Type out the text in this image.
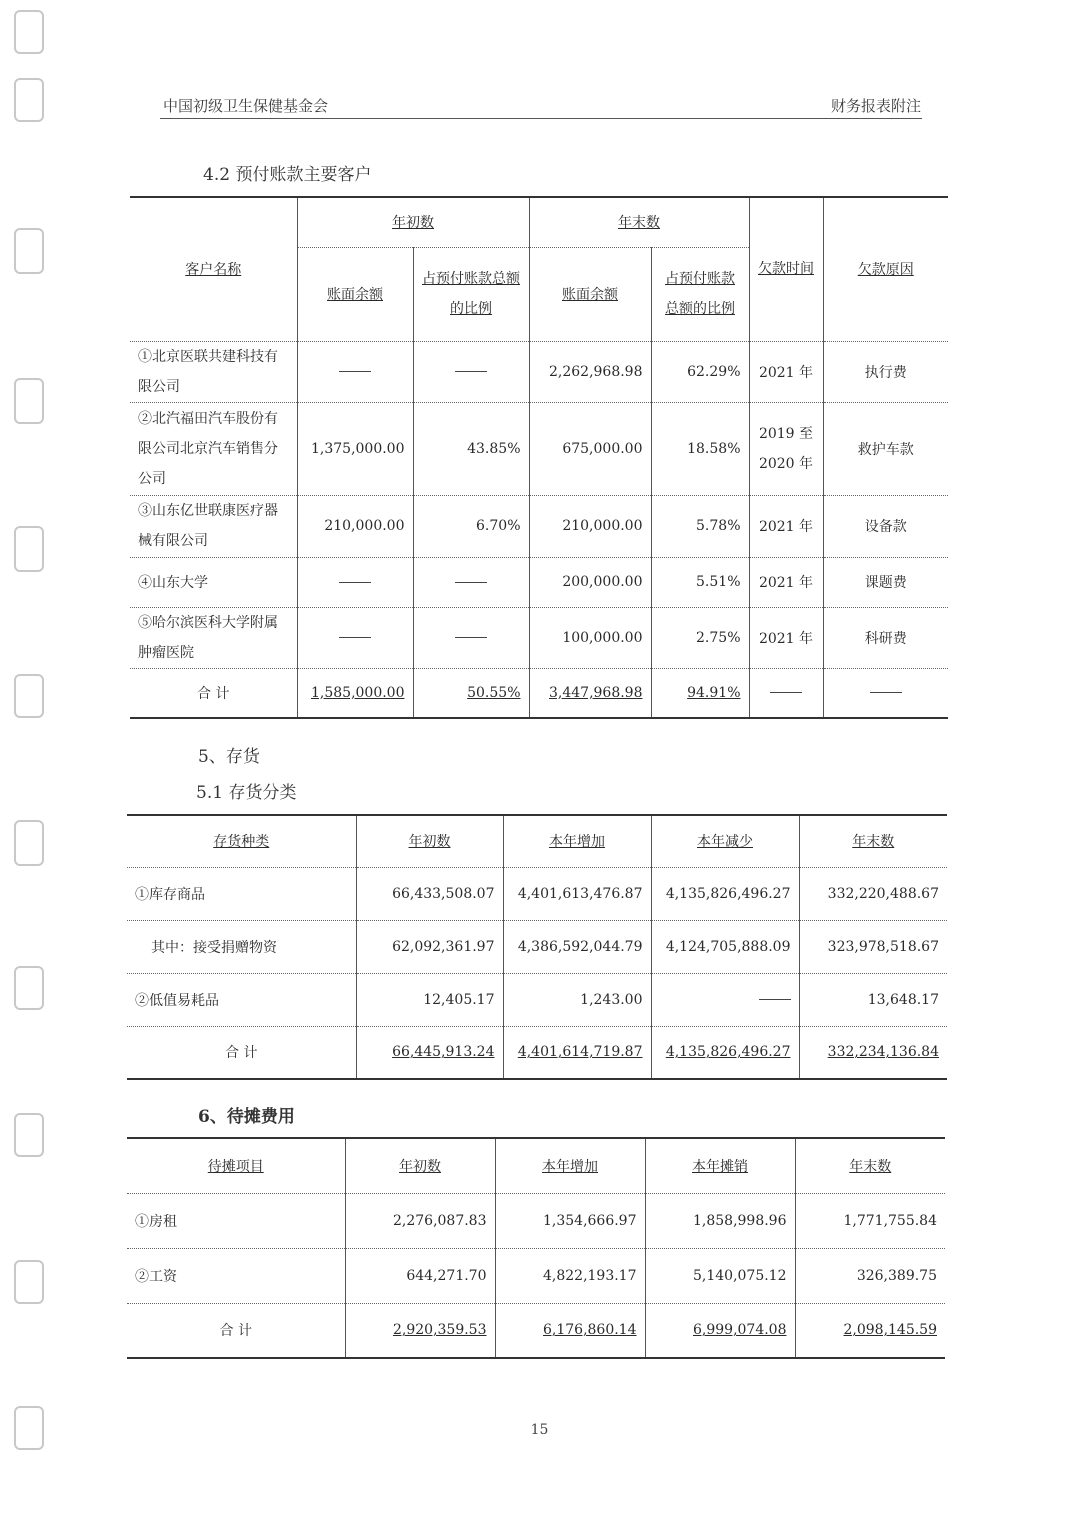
中国初级卫生保健基金会	财务报表附注
4.2 预付账款主要客户
客户名称	年初数		年末数		欠款时间	欠款原因
	账面余额	占预付账款总额的比例	账面余额	占预付账款总额的比例		
①北京医联共建科技有限公司			2,262,968.98	62.29%	2021 年	执行费
②北汽福田汽车股份有限公司北京汽车销售分公司	1,375,000.00	43.85%	675,000.00	18.58%	2019 至 2020 年	救护车款
③山东亿世联康医疗器械有限公司	210,000.00	6.70%	210,000.00	5.78%	2021 年	设备款
④山东大学			200,000.00	5.51%	2021 年	课题费
⑤哈尔滨医科大学附属肿瘤医院			100,000.00	2.75%	2021 年	科研费
合 计	1,585,000.00	50.55%	3,447,968.98	94.91%		
5、存货
5.1 存货分类
存货种类	年初数	本年增加	本年减少	年末数
①库存商品	66,433,508.07	4,401,613,476.87	4,135,826,496.27	332,220,488.67
其中：接受捐赠物资	62,092,361.97	4,386,592,044.79	4,124,705,888.09	323,978,518.67
②低值易耗品	12,405.17	1,243.00		13,648.17
合 计	66,445,913.24	4,401,614,719.87	4,135,826,496.27	332,234,136.84
6、待摊费用
待摊项目	年初数	本年增加	本年摊销	年末数
①房租	2,276,087.83	1,354,666.97	1,858,998.96	1,771,755.84
②工资	644,271.70	4,822,193.17	5,140,075.12	326,389.75
合 计	2,920,359.53	6,176,860.14	6,999,074.08	2,098,145.59
15
